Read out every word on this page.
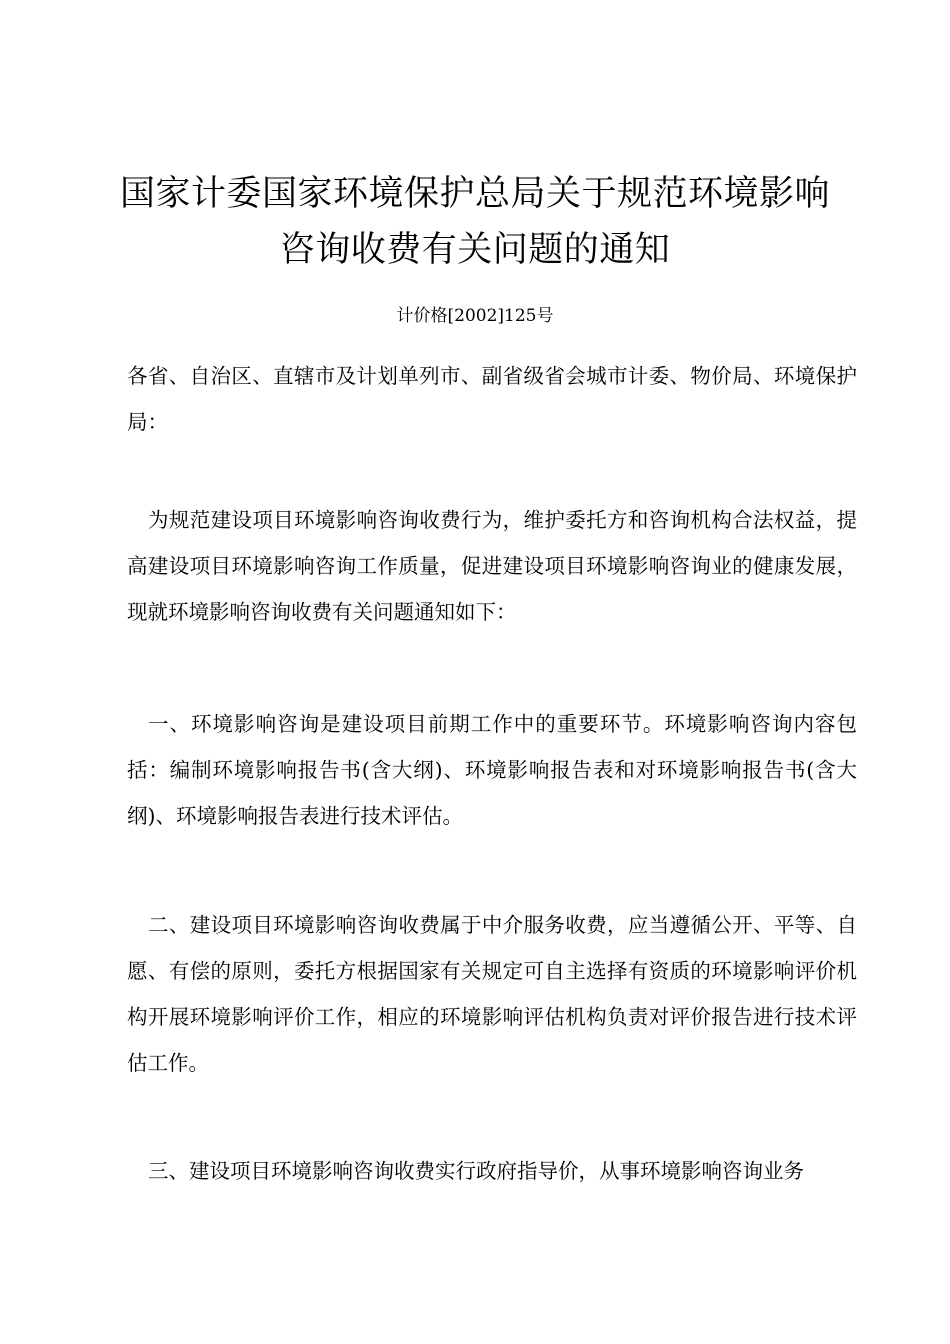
国家计委国家环境保护总局关于规范环境影响
咨询收费有关问题的通知

计价格[2002]125号

各省、自治区、直辖市及计划单列市、副省级省会城市计委、物价局、环境保护局：

为规范建设项目环境影响咨询收费行为，维护委托方和咨询机构合法权益，提高建设项目环境影响咨询工作质量，促进建设项目环境影响咨询业的健康发展，现就环境影响咨询收费有关问题通知如下：

一、环境影响咨询是建设项目前期工作中的重要环节。环境影响咨询内容包括：编制环境影响报告书(含大纲)、环境影响报告表和对环境影响报告书(含大纲)、环境影响报告表进行技术评估。

二、建设项目环境影响咨询收费属于中介服务收费，应当遵循公开、平等、自愿、有偿的原则，委托方根据国家有关规定可自主选择有资质的环境影响评价机构开展环境影响评价工作，相应的环境影响评估机构负责对评价报告进行技术评估工作。

三、建设项目环境影响咨询收费实行政府指导价，从事环境影响咨询业务
